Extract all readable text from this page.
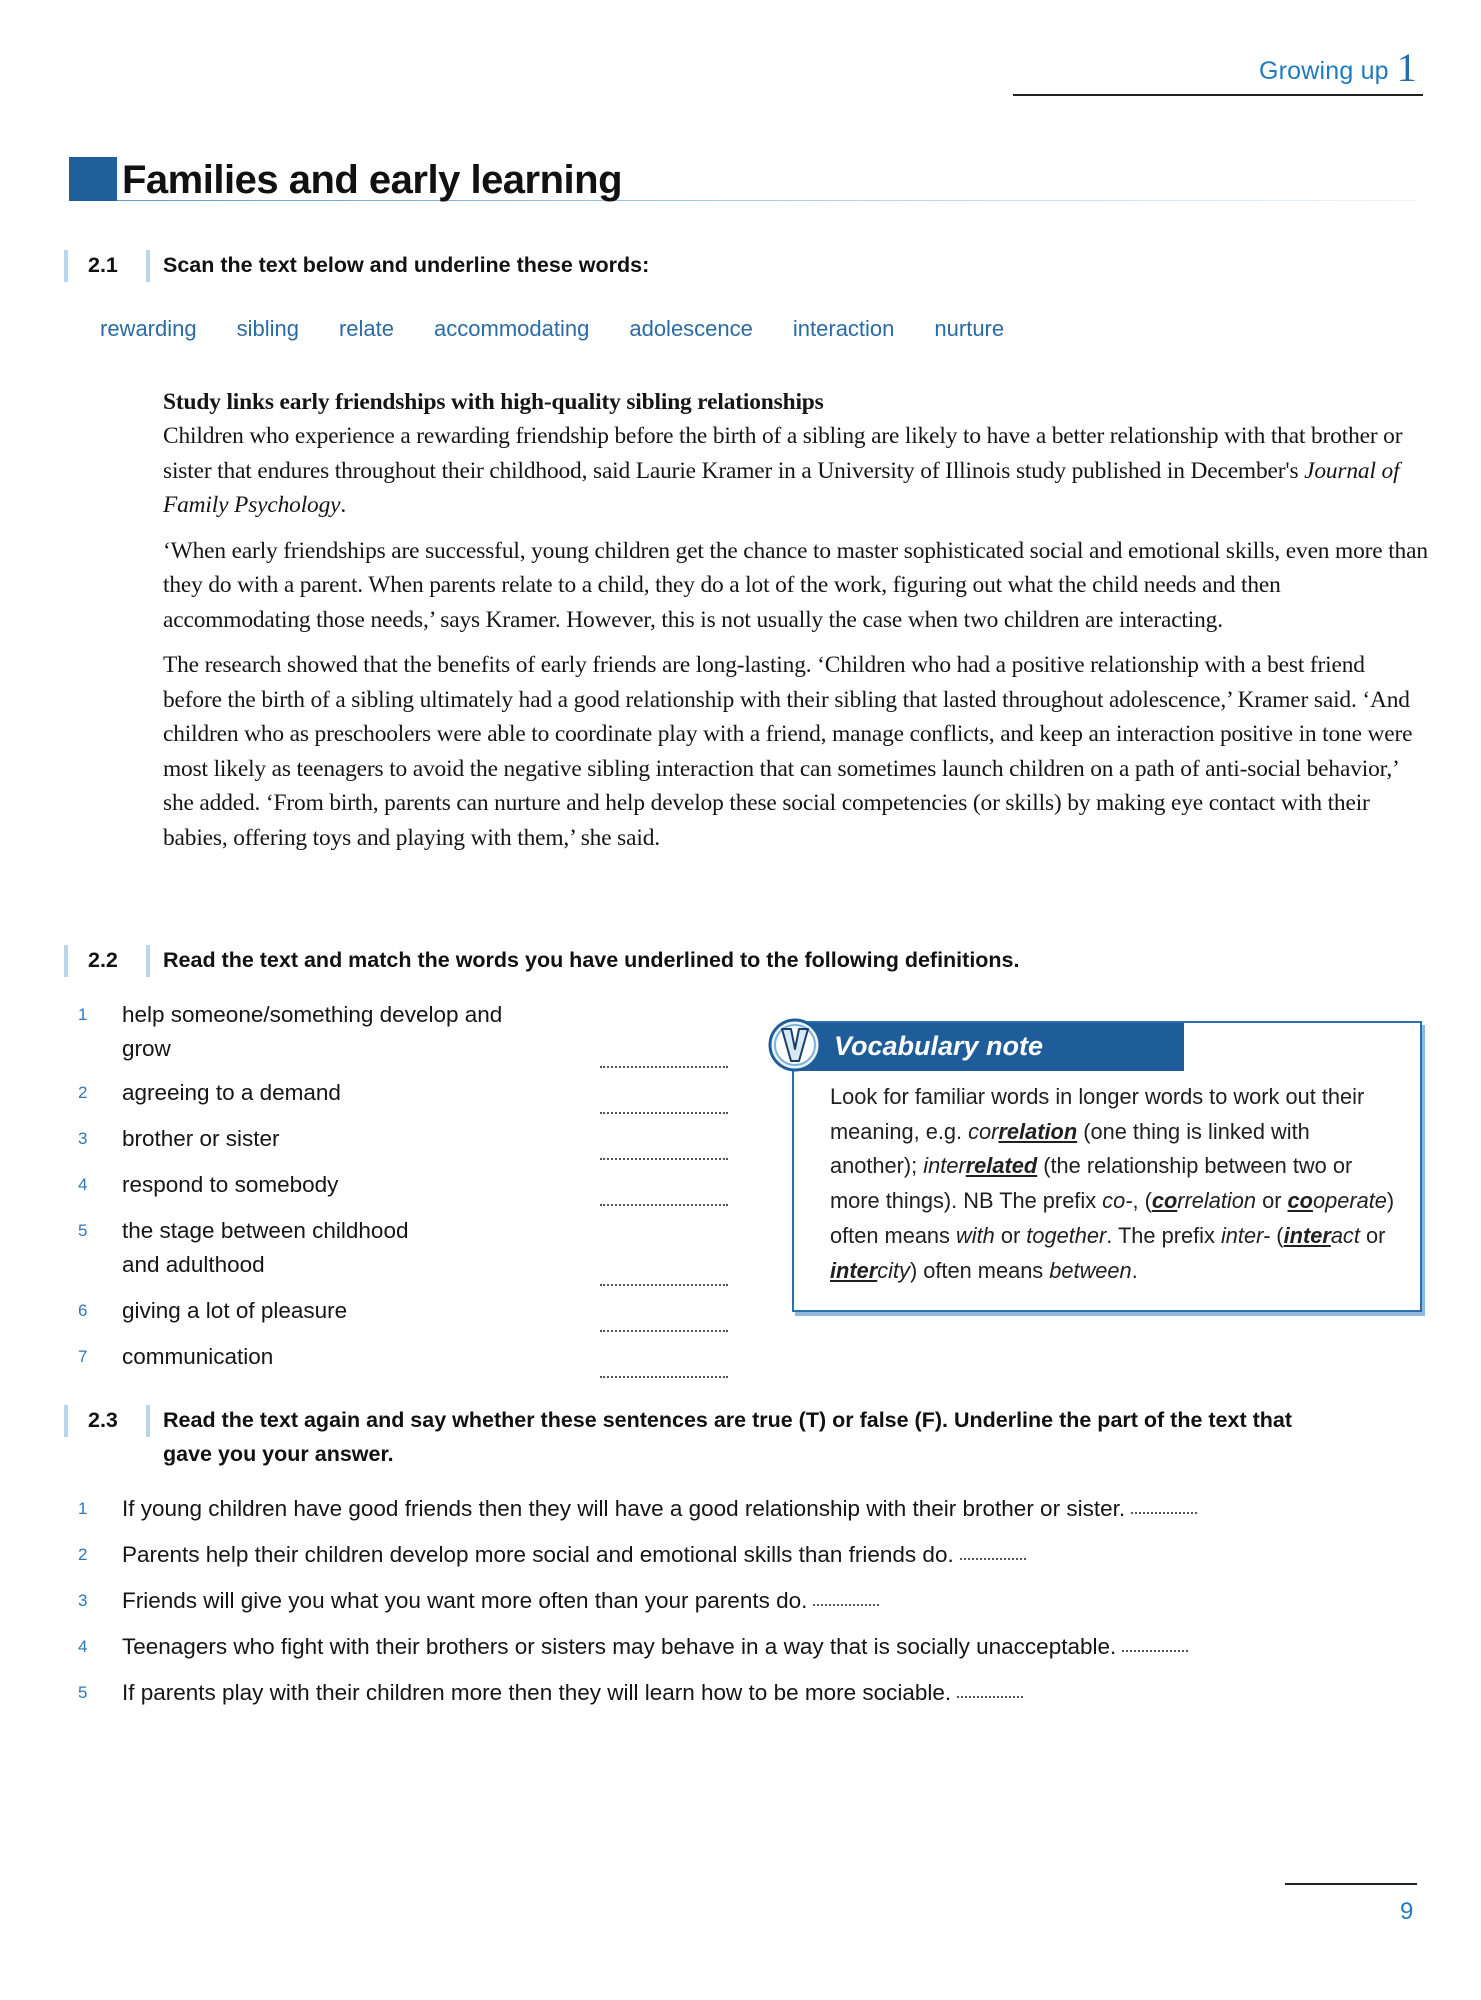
Growing up 1
Families and early learning
2.1 Scan the text below and underline these words:
rewarding sibling relate accommodating adolescence interaction nurture
Study links early friendships with high-quality sibling relationships

Children who experience a rewarding friendship before the birth of a sibling are likely to have a better relationship with that brother or sister that endures throughout their childhood, said Laurie Kramer in a University of Illinois study published in December's Journal of Family Psychology.

‘When early friendships are successful, young children get the chance to master sophisticated social and emotional skills, even more than they do with a parent. When parents relate to a child, they do a lot of the work, figuring out what the child needs and then accommodating those needs,’ says Kramer. However, this is not usually the case when two children are interacting.

The research showed that the benefits of early friends are long-lasting. ‘Children who had a positive relationship with a best friend before the birth of a sibling ultimately had a good relationship with their sibling that lasted throughout adolescence,’ Kramer said. ‘And children who as preschoolers were able to coordinate play with a friend, manage conflicts, and keep an interaction positive in tone were most likely as teenagers to avoid the negative sibling interaction that can sometimes launch children on a path of anti-social behavior,’ she added. ‘From birth, parents can nurture and help develop these social competencies (or skills) by making eye contact with their babies, offering toys and playing with them,’ she said.

2.2 Read the text and match the words you have underlined to the following definitions.
1	help someone/something develop and grow
2	agreeing to a demand
3	brother or sister
4	respond to somebody
5	the stage between childhood and adulthood
6	giving a lot of pleasure
7	communication
Vocabulary note
Look for familiar words in longer words to work out their meaning, e.g. correlation (one thing is linked with another); interrelated (the relationship between two or more things). NB The prefix co-, (correlation or cooperate) often means with or together. The prefix inter- (interact or intercity) often means between.
2.3 Read the text again and say whether these sentences are true (T) or false (F). Underline the part of the text that
gave you your answer.
1 If young children have good friends then they will have a good relationship with their brother or sister.
2 Parents help their children develop more social and emotional skills than friends do.
3 Friends will give you what you want more often than your parents do.
4 Teenagers who fight with their brothers or sisters may behave in a way that is socially unacceptable.
5 If parents play with their children more then they will learn how to be more sociable.
9
